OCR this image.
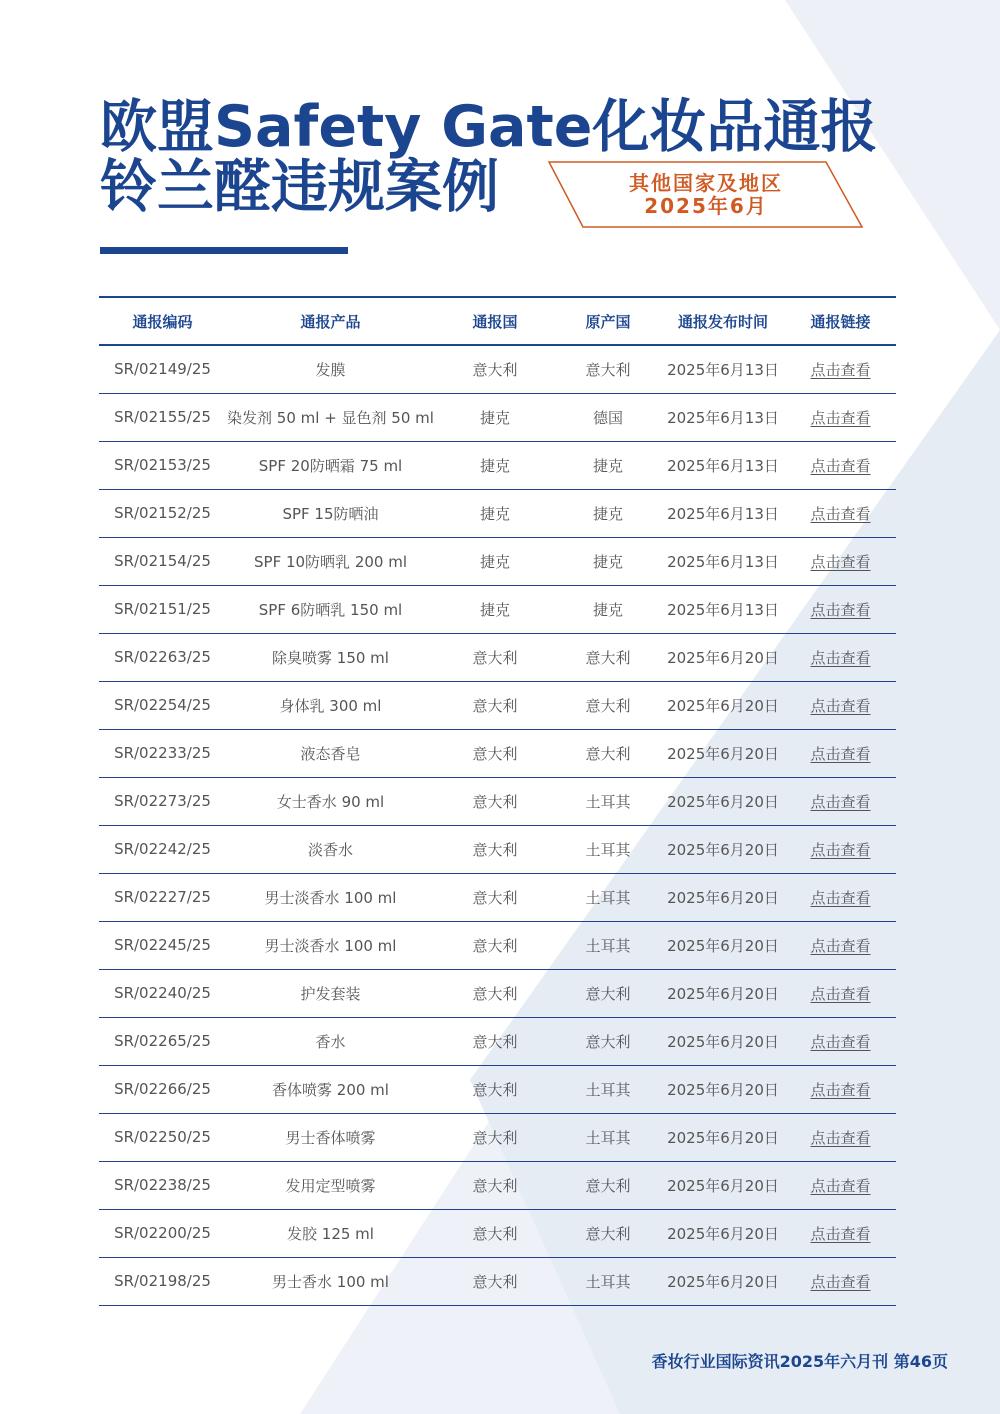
欧盟Safety Gate化妆品通报
铃兰醛违规案例	其他国家及地区
2025年6月
通报编码	通报产品	通报国	原产国	通报发布时间	通报链接
SR/02149/25	发膜	意大利	意大利	2025年6月13日	点击查看
SR/02155/25	染发剂 50 ml + 显色剂 50 ml	捷克	德国	2025年6月13日	点击查看
SR/02153/25	SPF 20防晒霜 75 ml	捷克	捷克	2025年6月13日	点击查看
SR/02152/25	SPF 15防晒油	捷克	捷克	2025年6月13日	点击查看
SR/02154/25	SPF 10防晒乳 200 ml	捷克	捷克	2025年6月13日	点击查看
SR/02151/25	SPF 6防晒乳 150 ml	捷克	捷克	2025年6月13日	点击查看
SR/02263/25	除臭喷雾 150 ml	意大利	意大利	2025年6月20日	点击查看
SR/02254/25	身体乳 300 ml	意大利	意大利	2025年6月20日	点击查看
SR/02233/25	液态香皂	意大利	意大利	2025年6月20日	点击查看
SR/02273/25	女士香水 90 ml	意大利	土耳其	2025年6月20日	点击查看
SR/02242/25	淡香水	意大利	土耳其	2025年6月20日	点击查看
SR/02227/25	男士淡香水 100 ml	意大利	土耳其	2025年6月20日	点击查看
SR/02245/25	男士淡香水 100 ml	意大利	土耳其	2025年6月20日	点击查看
SR/02240/25	护发套装	意大利	意大利	2025年6月20日	点击查看
SR/02265/25	香水	意大利	意大利	2025年6月20日	点击查看
SR/02266/25	香体喷雾 200 ml	意大利	土耳其	2025年6月20日	点击查看
SR/02250/25	男士香体喷雾	意大利	土耳其	2025年6月20日	点击查看
SR/02238/25	发用定型喷雾	意大利	意大利	2025年6月20日	点击查看
SR/02200/25	发胶 125 ml	意大利	意大利	2025年6月20日	点击查看
SR/02198/25	男士香水 100 ml	意大利	土耳其	2025年6月20日	点击查看
香妆行业国际资讯2025年六月刊 第46页
